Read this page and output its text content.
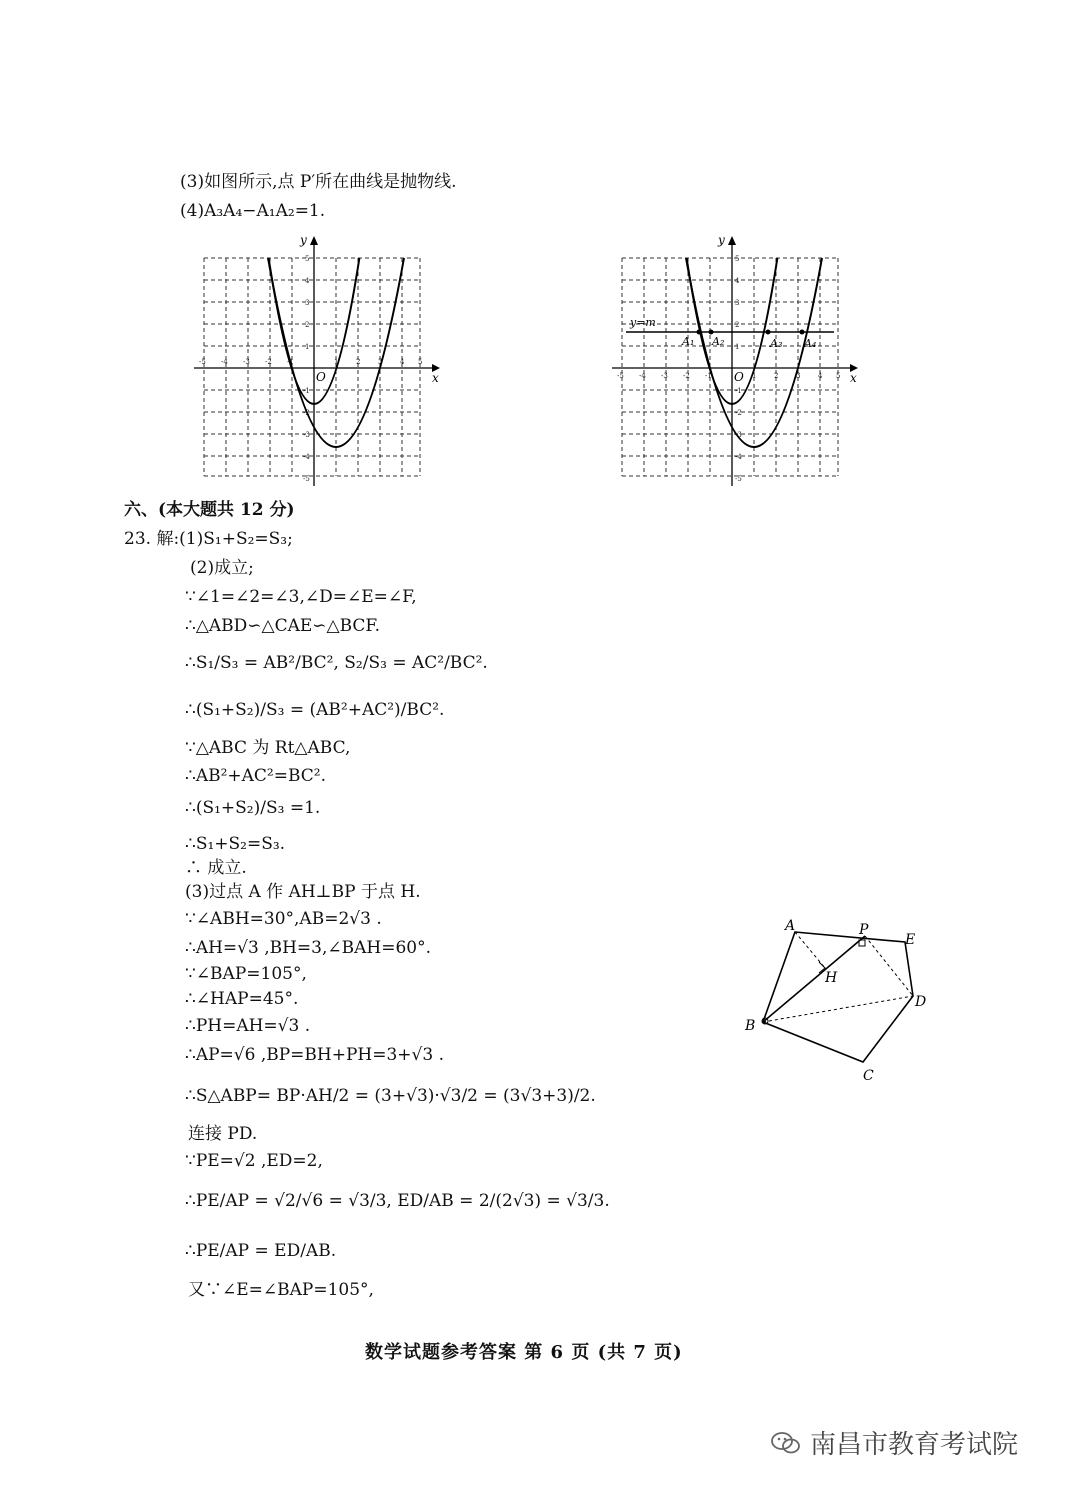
(3)如图所示,点 P′所在曲线是抛物线.
(4)A₃A₄−A₁A₂=1.
x
y
O
-5 -4 -3 -2 -1	1	2	3	4 5
5
4
3
2
1
-1
-2
-3
-4
-5
y=m
x
y
O
-5 -4 -3 -2 -1	1	2	3	4 5
5
4
3
2
1
-1
-2
-3
-4
-5
A₁ A₂	A₃ A₄
六、(本大题共 12 分)
23. 解:(1)S₁+S₂=S₃;
(2)成立;
∵∠1=∠2=∠3,∠D=∠E=∠F,
∴△ABD∽△CAE∽△BCF.
∴S₁/S₃ = AB²/BC², S₂/S₃ = AC²/BC².
∴(S₁+S₂)/S₃ = (AB²+AC²)/BC².
∵△ABC 为 Rt△ABC,
∴AB²+AC²=BC².
∴(S₁+S₂)/S₃ =1.
∴S₁+S₂=S₃.
∴ 成立.
(3)过点 A 作 AH⊥BP 于点 H.
∵∠ABH=30°,AB=2√3 .
∴AH=√3 ,BH=3,∠BAH=60°.
∵∠BAP=105°,
∴∠HAP=45°.
∴PH=AH=√3 .
∴AP=√6 ,BP=BH+PH=3+√3 .
∴S△ABP= BP·AH/2 = (3+√3)·√3/2 = (3√3+3)/2.
连接 PD.
∵PE=√2 ,ED=2,
∴PE/AP = √2/√6 = √3/3, ED/AB = 2/(2√3) = √3/3.
∴PE/AP = ED/AB.
又∵∠E=∠BAP=105°,
A	P
E
H
D
B
C
数学试题参考答案 第 6 页 (共 7 页)
南昌市教育考试院
